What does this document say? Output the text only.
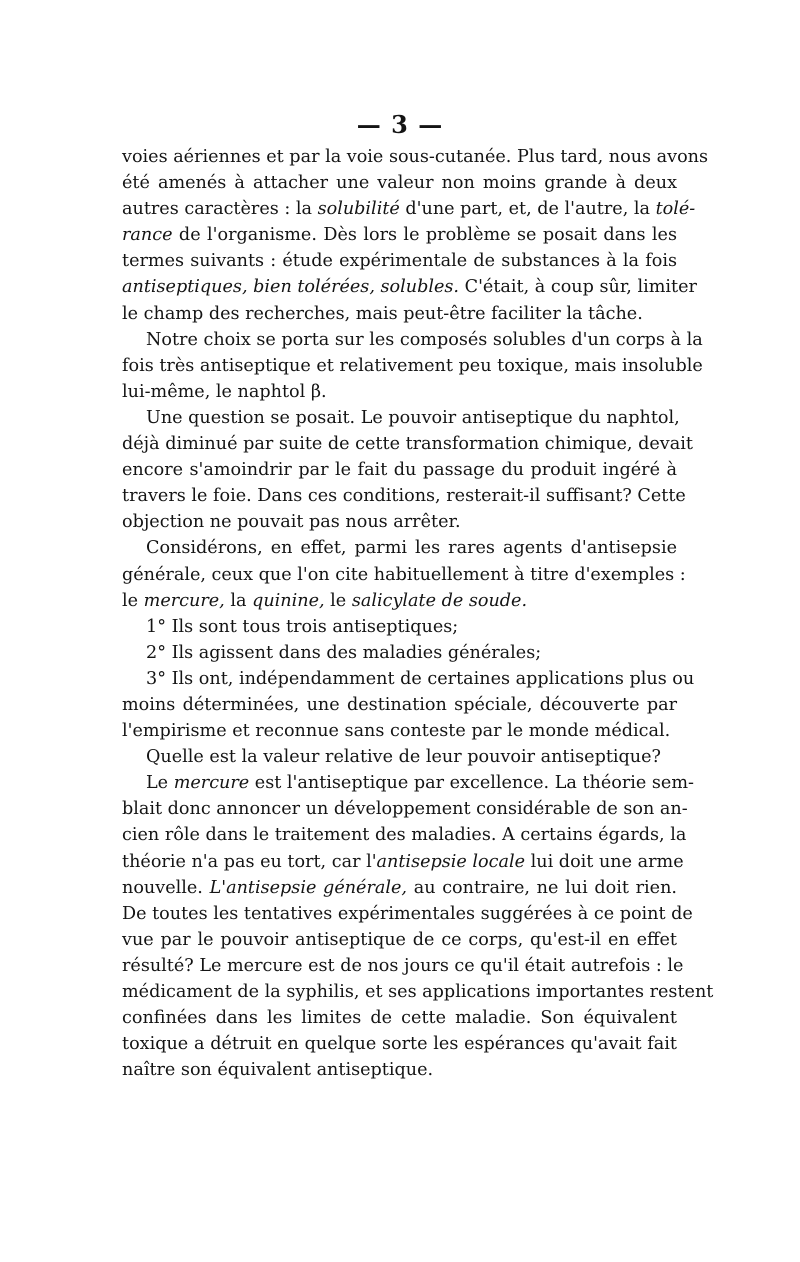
— 3 —
voies aériennes et par la voie sous-cutanée. Plus tard, nous avons
été amenés à attacher une valeur non moins grande à deux
autres caractères : la solubilité d'une part, et, de l'autre, la tolé-
rance de l'organisme. Dès lors le problème se posait dans les
termes suivants : étude expérimentale de substances à la fois
antiseptiques, bien tolérées, solubles. C'était, à coup sûr, limiter
le champ des recherches, mais peut-être faciliter la tâche.
Notre choix se porta sur les composés solubles d'un corps à la
fois très antiseptique et relativement peu toxique, mais insoluble
lui-même, le naphtol β.
Une question se posait. Le pouvoir antiseptique du naphtol,
déjà diminué par suite de cette transformation chimique, devait
encore s'amoindrir par le fait du passage du produit ingéré à
travers le foie. Dans ces conditions, resterait-il suffisant? Cette
objection ne pouvait pas nous arrêter.
Considérons, en effet, parmi les rares agents d'antisepsie
générale, ceux que l'on cite habituellement à titre d'exemples :
le mercure, la quinine, le salicylate de soude.
1° Ils sont tous trois antiseptiques;
2° Ils agissent dans des maladies générales;
3° Ils ont, indépendamment de certaines applications plus ou
moins déterminées, une destination spéciale, découverte par
l'empirisme et reconnue sans conteste par le monde médical.
Quelle est la valeur relative de leur pouvoir antiseptique?
Le mercure est l'antiseptique par excellence. La théorie sem-
blait donc annoncer un développement considérable de son an-
cien rôle dans le traitement des maladies. A certains égards, la
théorie n'a pas eu tort, car l'antisepsie locale lui doit une arme
nouvelle. L'antisepsie générale, au contraire, ne lui doit rien.
De toutes les tentatives expérimentales suggérées à ce point de
vue par le pouvoir antiseptique de ce corps, qu'est-il en effet
résulté? Le mercure est de nos jours ce qu'il était autrefois : le
médicament de la syphilis, et ses applications importantes restent
confinées dans les limites de cette maladie. Son équivalent
toxique a détruit en quelque sorte les espérances qu'avait fait
naître son équivalent antiseptique.
